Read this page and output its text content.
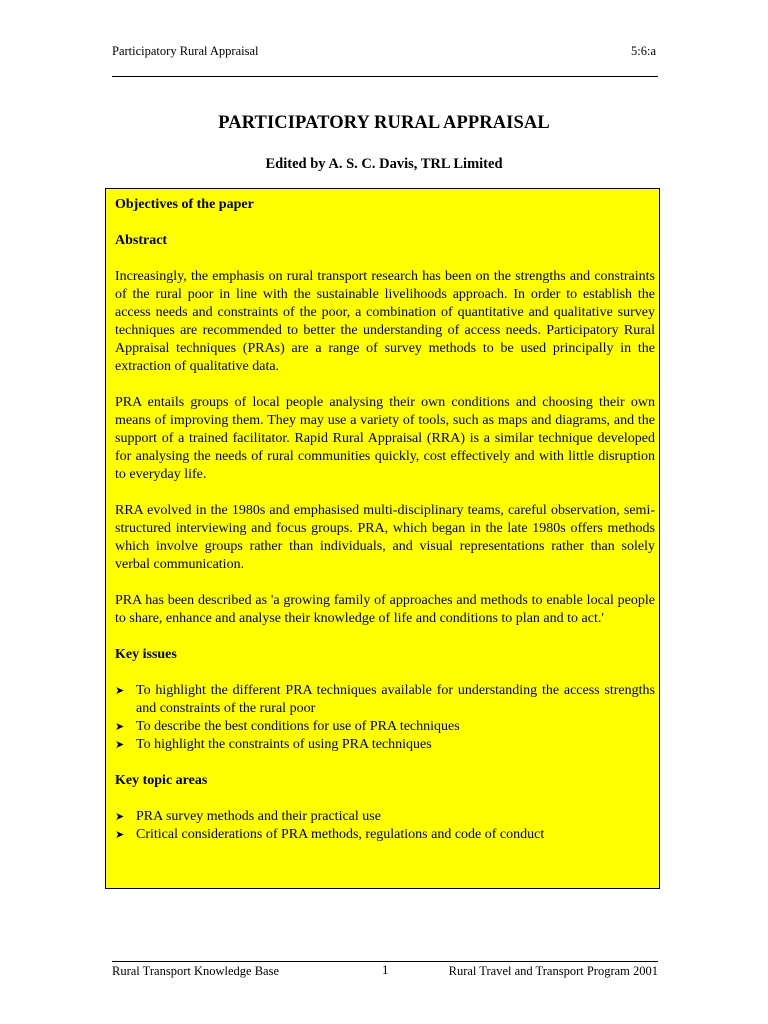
Participatory Rural Appraisal	5:6:a
PARTICIPATORY RURAL APPRAISAL
Edited by A. S. C. Davis, TRL Limited
Objectives of the paper
Abstract

Increasingly, the emphasis on rural transport research has been on the strengths and constraints of the rural poor in line with the sustainable livelihoods approach. In order to establish the access needs and constraints of the poor, a combination of quantitative and qualitative survey techniques are recommended to better the understanding of access needs. Participatory Rural Appraisal techniques (PRAs) are a range of survey methods to be used principally in the extraction of qualitative data.

PRA entails groups of local people analysing their own conditions and choosing their own means of improving them. They may use a variety of tools, such as maps and diagrams, and the support of a trained facilitator. Rapid Rural Appraisal (RRA) is a similar technique developed for analysing the needs of rural communities quickly, cost effectively and with little disruption to everyday life.

RRA evolved in the 1980s and emphasised multi-disciplinary teams, careful observation, semi-structured interviewing and focus groups. PRA, which began in the late 1980s offers methods which involve groups rather than individuals, and visual representations rather than solely verbal communication.

PRA has been described as 'a growing family of approaches and methods to enable local people to share, enhance and analyse their knowledge of life and conditions to plan and to act.'

Key issues
➤ To highlight the different PRA techniques available for understanding the access strengths and constraints of the rural poor
➤ To describe the best conditions for use of PRA techniques
➤ To highlight the constraints of using PRA techniques
Key topic areas
➤ PRA survey methods and their practical use
➤ Critical considerations of PRA methods, regulations and code of conduct
Rural Transport Knowledge Base	1	Rural Travel and Transport Program 2001
